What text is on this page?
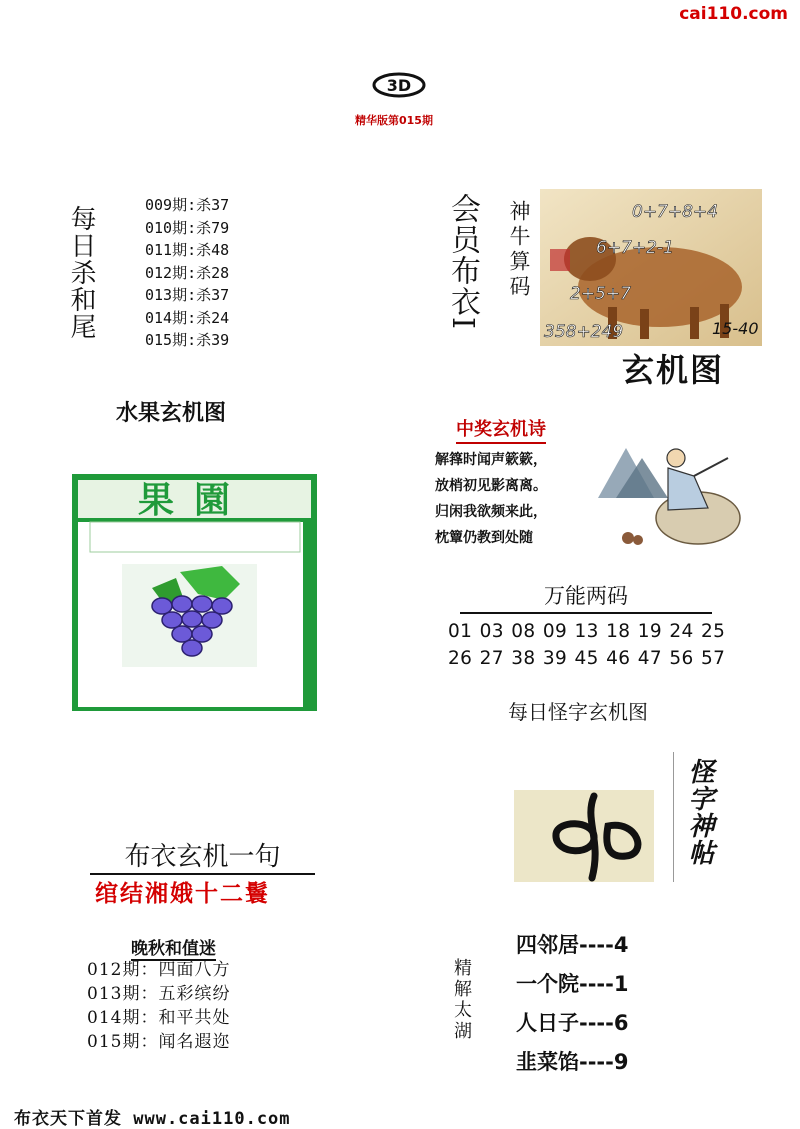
cai110.com
3D
精华版第015期
每日杀和尾	009期:杀37
010期:杀79
011期:杀48
012期:杀28
013期:杀37
014期:杀24
015期:杀39
会员布衣I 神牛算码	0+7+8+4
6+7+2-1
2+5+7
358+249	15-40
玄机图
水果玄机图
果園
中奖玄机诗
解箨时闻声簌簌，
放梢初见影离离。
归闲我欲频来此，
枕簟仍教到处随
万能两码
01 03 08 09 13 18 19 24 25
26 27 38 39 45 46 47 56 57
每日怪字玄机图
怪字神帖
布衣玄机一句
绾结湘娥十二鬟
晚秋和值迷
012期：四面八方
013期：五彩缤纷
014期：和平共处
015期：闻名遐迩	精解太湖
四邻居----4
一个院----1
人日子----6
韭菜馅----9
布衣天下首发 www.cai110.com
